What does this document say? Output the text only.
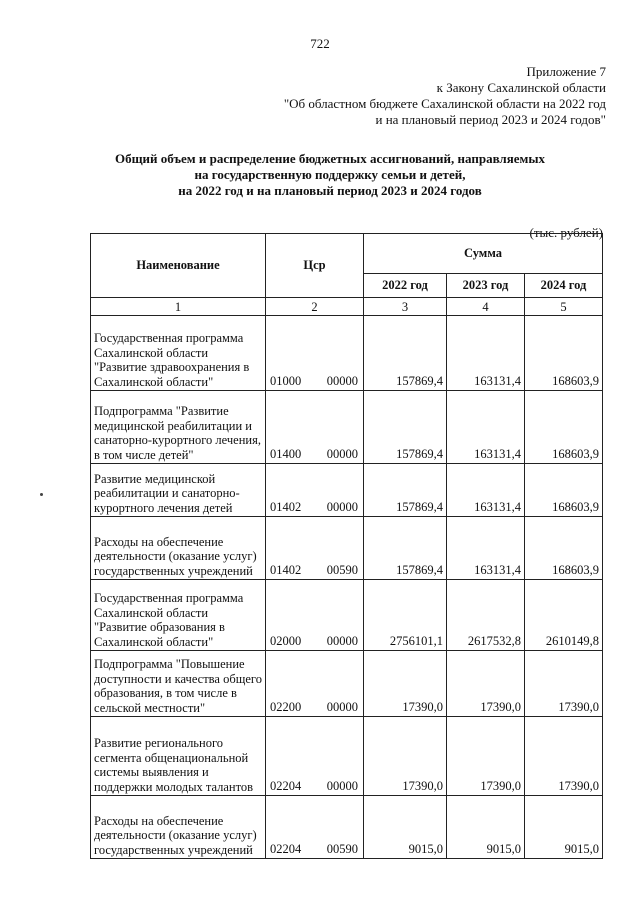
722
Приложение 7
к Закону Сахалинской области
"Об областном бюджете Сахалинской области на 2022 год
и на плановый период 2023 и 2024 годов"
Общий объем и распределение бюджетных ассигнований, направляемых
на государственную поддержку семьи и детей,
на 2022 год и на плановый период 2023 и 2024 годов
(тыс. рублей)
Наименование	Цср	Сумма		
		2022 год	2023 год	2024 год
1	2	3	4	5
Государственная программа Сахалинской области "Развитие здравоохранения в Сахалинской области"	01000 00000	157869,4	163131,4	168603,9
Подпрограмма "Развитие медицинской реабилитации и санаторно-курортного лечения, в том числе детей"	01400 00000	157869,4	163131,4	168603,9
Развитие медицинской реабилитации и санаторно-курортного лечения детей	01402 00000	157869,4	163131,4	168603,9
Расходы на обеспечение деятельности (оказание услуг) государственных учреждений	01402 00590	157869,4	163131,4	168603,9
Государственная программа Сахалинской области "Развитие образования в Сахалинской области"	02000 00000	2756101,1	2617532,8	2610149,8
Подпрограмма "Повышение доступности и качества общего образования, в том числе в сельской местности"	02200 00000	17390,0	17390,0	17390,0
Развитие регионального сегмента общенациональной системы выявления и поддержки молодых талантов	02204 00000	17390,0	17390,0	17390,0
Расходы на обеспечение деятельности (оказание услуг) государственных учреждений	02204 00590	9015,0	9015,0	9015,0
